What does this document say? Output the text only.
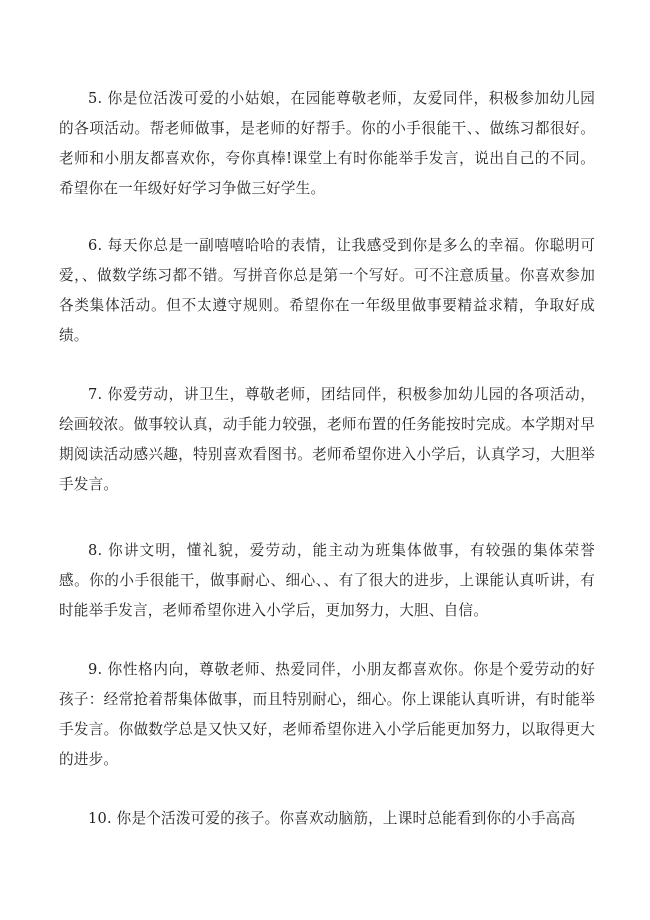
5. 你是位活泼可爱的小姑娘，在园能尊敬老师，友爱同伴，积极参加幼儿园的各项活动。帮老师做事，是老师的好帮手。你的小手很能干、、做练习都很好。老师和小朋友都喜欢你，夸你真棒!课堂上有时你能举手发言，说出自己的不同。希望你在一年级好好学习争做三好学生。

6. 每天你总是一副嘻嘻哈哈的表情，让我感受到你是多么的幸福。你聪明可爱，、做数学练习都不错。写拼音你总是第一个写好。可不注意质量。你喜欢参加各类集体活动。但不太遵守规则。希望你在一年级里做事要精益求精，争取好成绩。

7. 你爱劳动，讲卫生，尊敬老师，团结同伴，积极参加幼儿园的各项活动，绘画较浓。做事较认真，动手能力较强，老师布置的任务能按时完成。本学期对早期阅读活动感兴趣，特别喜欢看图书。老师希望你进入小学后，认真学习，大胆举手发言。

8. 你讲文明，懂礼貌，爱劳动，能主动为班集体做事，有较强的集体荣誉感。你的小手很能干，做事耐心、细心、、有了很大的进步，上课能认真听讲，有时能举手发言，老师希望你进入小学后，更加努力，大胆、自信。

9. 你性格内向，尊敬老师、热爱同伴，小朋友都喜欢你。你是个爱劳动的好孩子：经常抢着帮集体做事，而且特别耐心，细心。你上课能认真听讲，有时能举手发言。你做数学总是又快又好，老师希望你进入小学后能更加努力，以取得更大的进步。

10. 你是个活泼可爱的孩子。你喜欢动脑筋，上课时总能看到你的小手高高
